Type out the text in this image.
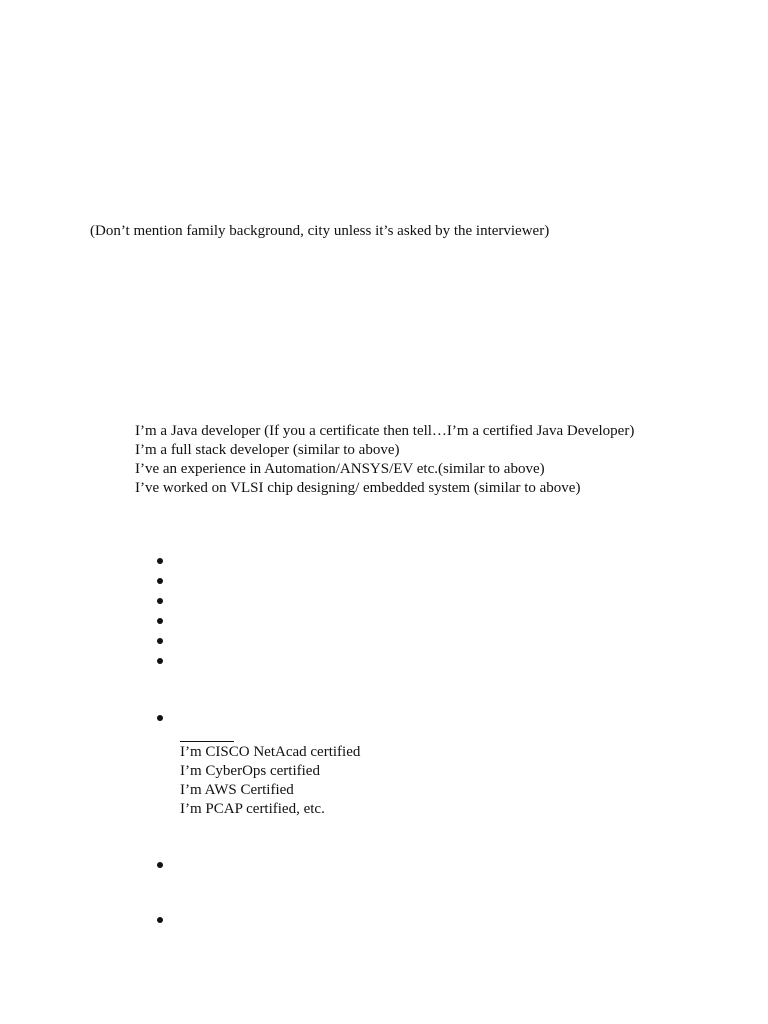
(Don’t mention family background, city unless it’s asked by the interviewer)
I’m a Java developer (If you a certificate then tell…I’m a certified Java Developer)
I’m a full stack developer (similar to above)
I’ve an experience in Automation/ANSYS/EV etc.(similar to above)
I’ve worked on VLSI chip designing/ embedded system (similar to above)
I’m CISCO NetAcad certified
I’m CyberOps certified
I’m AWS Certified
I’m PCAP certified, etc.
